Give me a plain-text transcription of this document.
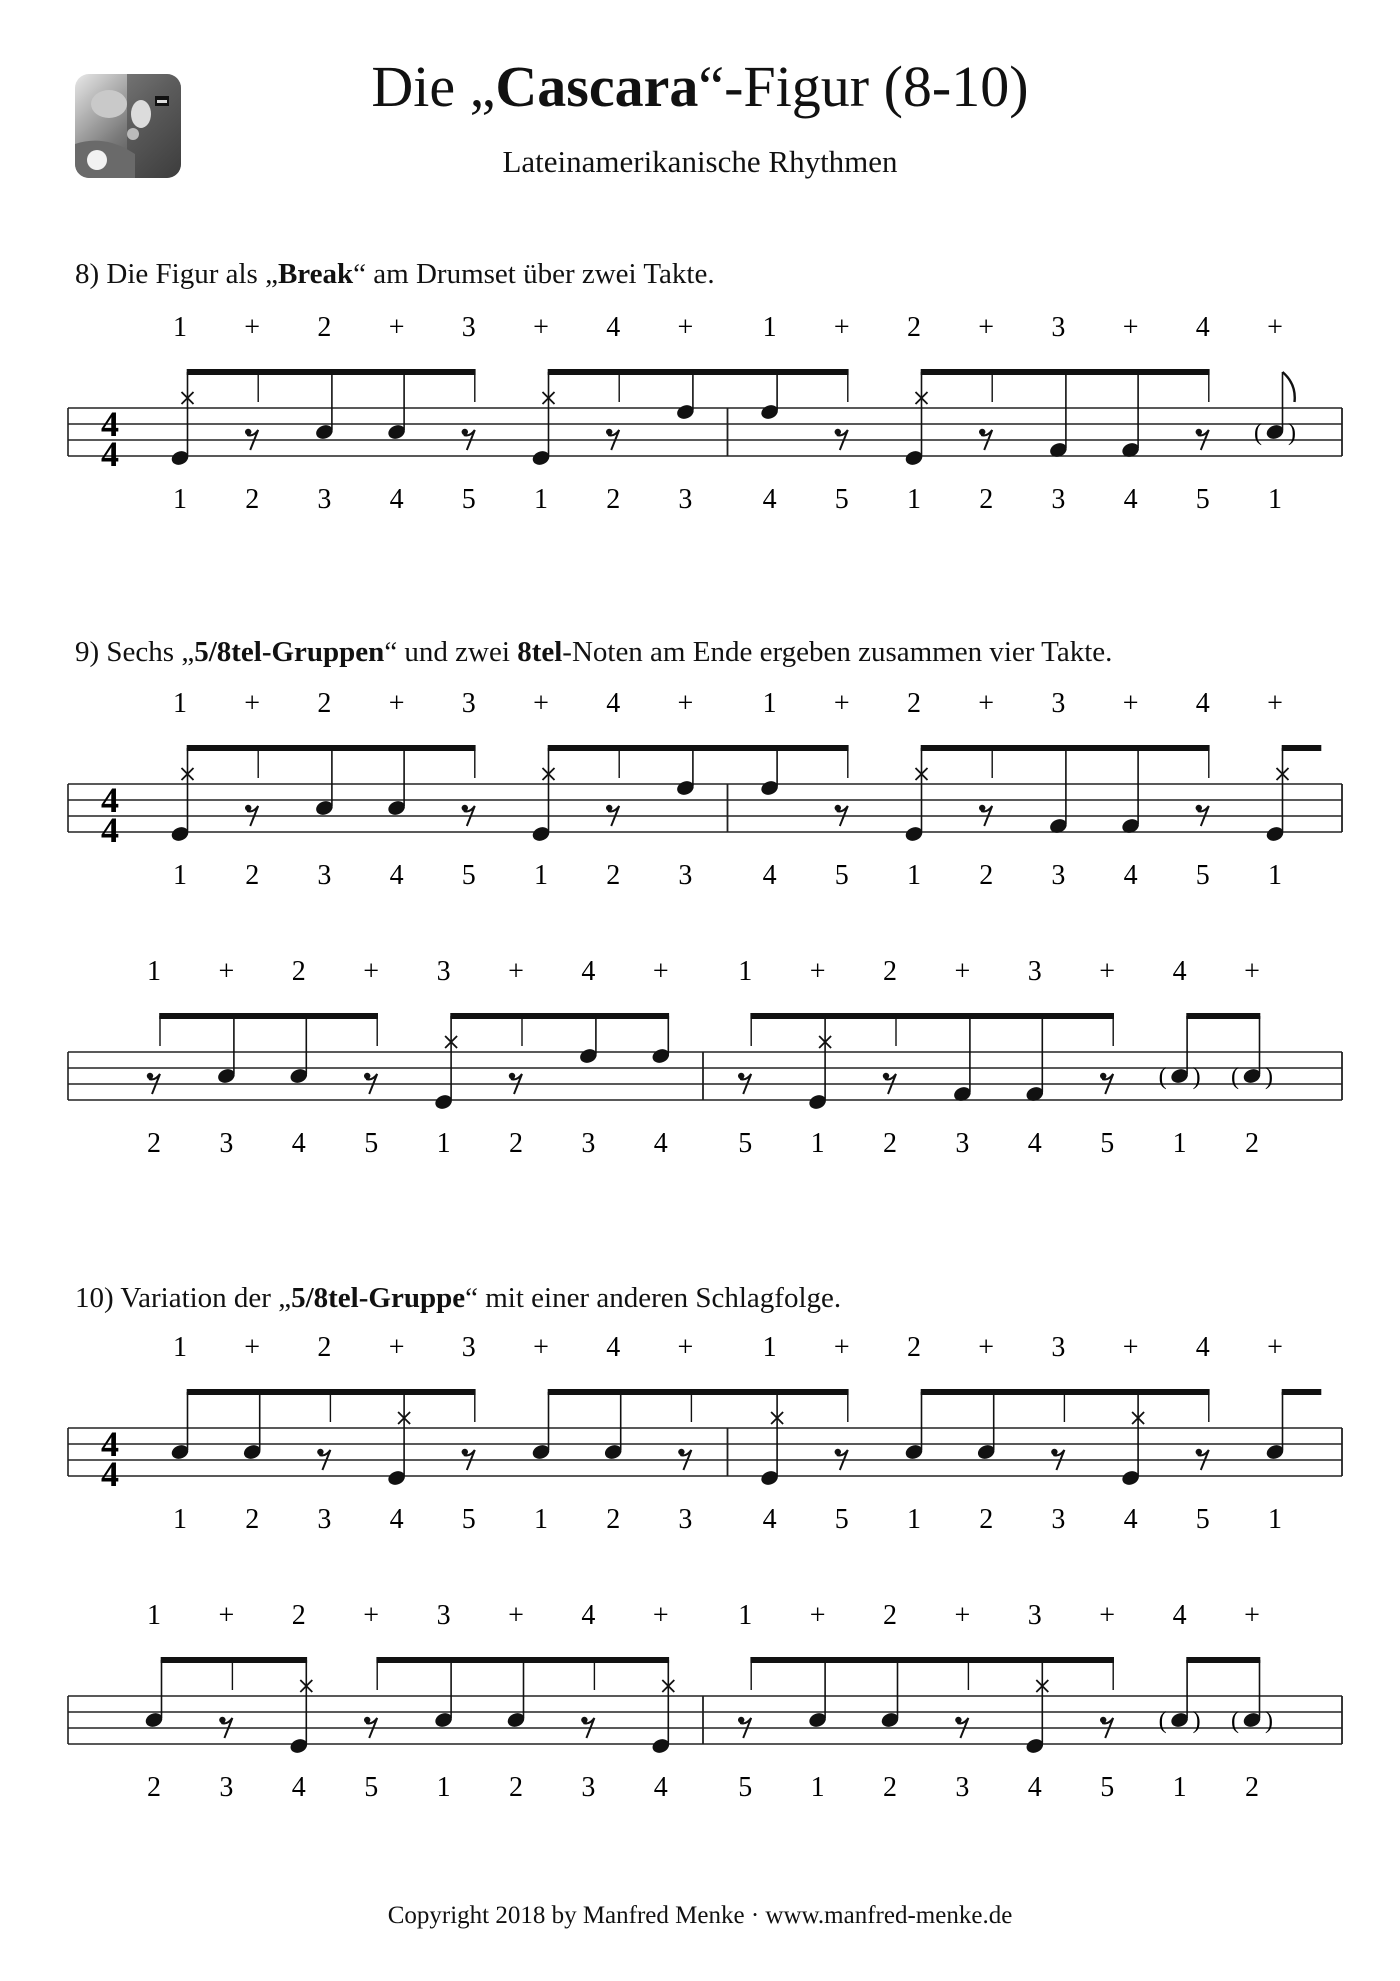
Die „Cascara“-Figur (8-10)
Lateinamerikanische Rhythmen
8) Die Figur als „Break“ am Drumset über zwei Takte.
4
4
1 + 2 + 3 + 4 + 1 + 2 + 3 + 4 +
1 2 3 4 5 1 2 3	4 5 1 2 3 4 5 1
( )
9) Sechs „5/8tel-Gruppen“ und zwei 8tel-Noten am Ende ergeben zusammen vier Takte.
4
4
1 + 2 + 3 + 4 + 1 + 2 + 3 + 4 +
1 2 3 4 5 1 2 3	4 5 1 2 3 4 5 1
1 + 2 + 3 + 4 + 1 + 2 + 3 + 4 +
2 3 4 5 1 2 3 4	5 1 2 3 4 5 1 2
( ) ( )
10) Variation der „5/8tel-Gruppe“ mit einer anderen Schlagfolge.
4
4
1 + 2 + 3 + 4 + 1 + 2 + 3 + 4 +
1 2 3 4 5 1 2 3	4 5 1 2 3 4 5 1
1 + 2 + 3 + 4 + 1 + 2 + 3 + 4 +
2 3 4 5 1 2 3 4	5 1 2 3 4 5 1 2
( ) ( )
Copyright 2018 by Manfred Menke · www.manfred-menke.de
